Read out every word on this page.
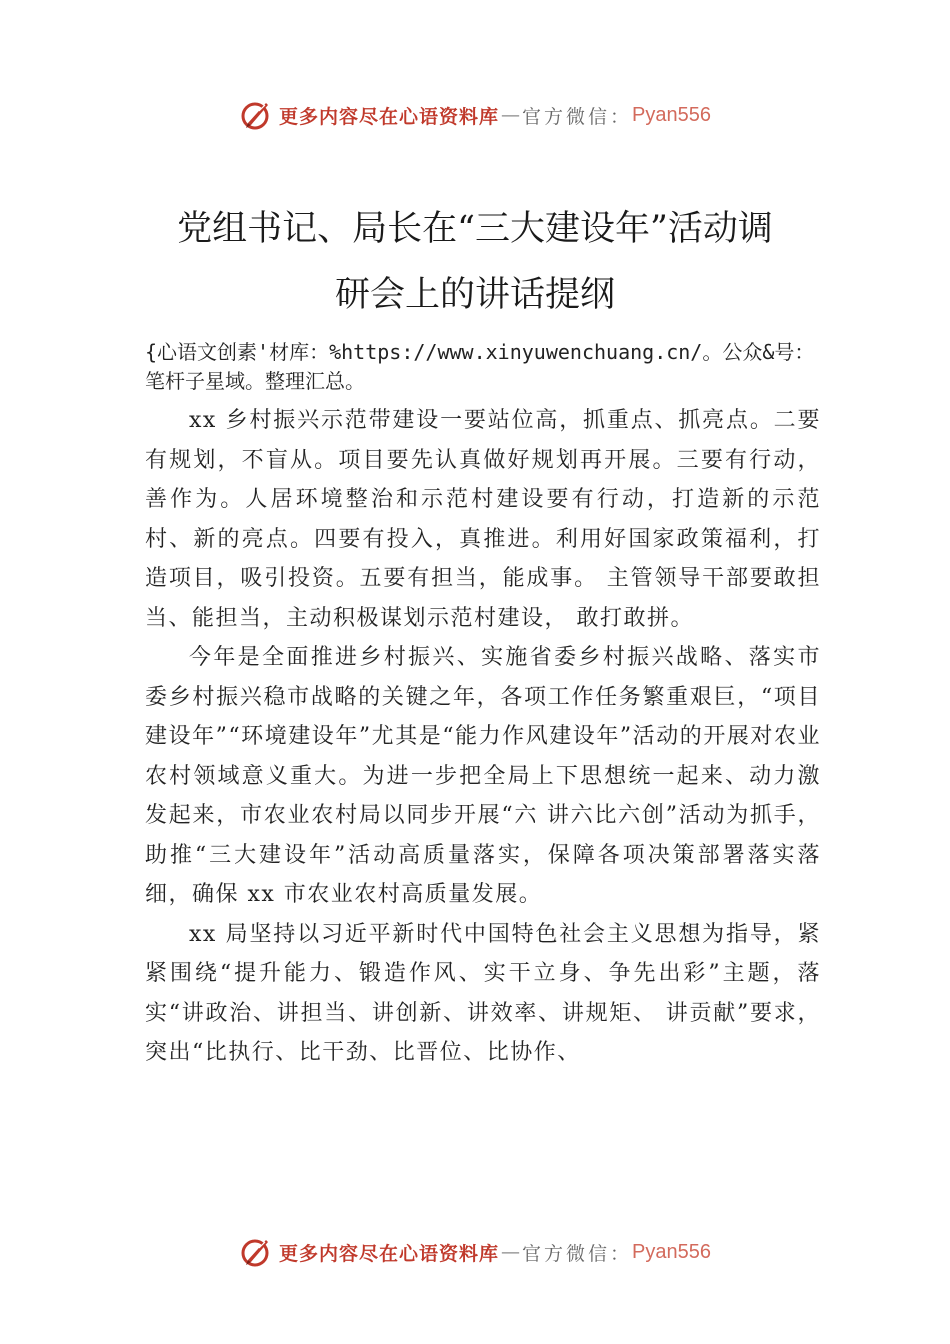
更多内容尽在心语资料库 — 官方微信： Pyan556
党组书记、局长在“三大建设年”活动调
研会上的讲话提纲

{心语文创素'材库：%https://www.xinyuwenchuang.cn/。公众&号：笔杆子星域。整理汇总。

xx 乡村振兴示范带建设一要站位高，抓重点、抓亮点。二要有规划，不盲从。项目要先认真做好规划再开展。三要有行动，善作为。人居环境整治和示范村建设要有行动，打造新的示范村、新的亮点。四要有投入，真推进。利用好国家政策福利，打造项目，吸引投资。五要有担当，能成事。 主管领导干部要敢担当、能担当，主动积极谋划示范村建设， 敢打敢拼。

今年是全面推进乡村振兴、实施省委乡村振兴战略、落实市委乡村振兴稳市战略的关键之年，各项工作任务繁重艰巨，“项目建设年”“环境建设年”尤其是“能力作风建设年”活动的开展对农业农村领域意义重大。为进一步把全局上下思想统一起来、动力激发起来，市农业农村局以同步开展“六 讲六比六创”活动为抓手，助推“三大建设年”活动高质量落实，保障各项决策部署落实落细，确保 xx 市农业农村高质量发展。

xx 局坚持以习近平新时代中国特色社会主义思想为指导，紧紧围绕“提升能力、锻造作风、实干立身、争先出彩”主题，落实“讲政治、讲担当、讲创新、讲效率、讲规矩、 讲贡献”要求，突出“比执行、比干劲、比晋位、比协作、

更多内容尽在心语资料库 — 官方微信： Pyan556
